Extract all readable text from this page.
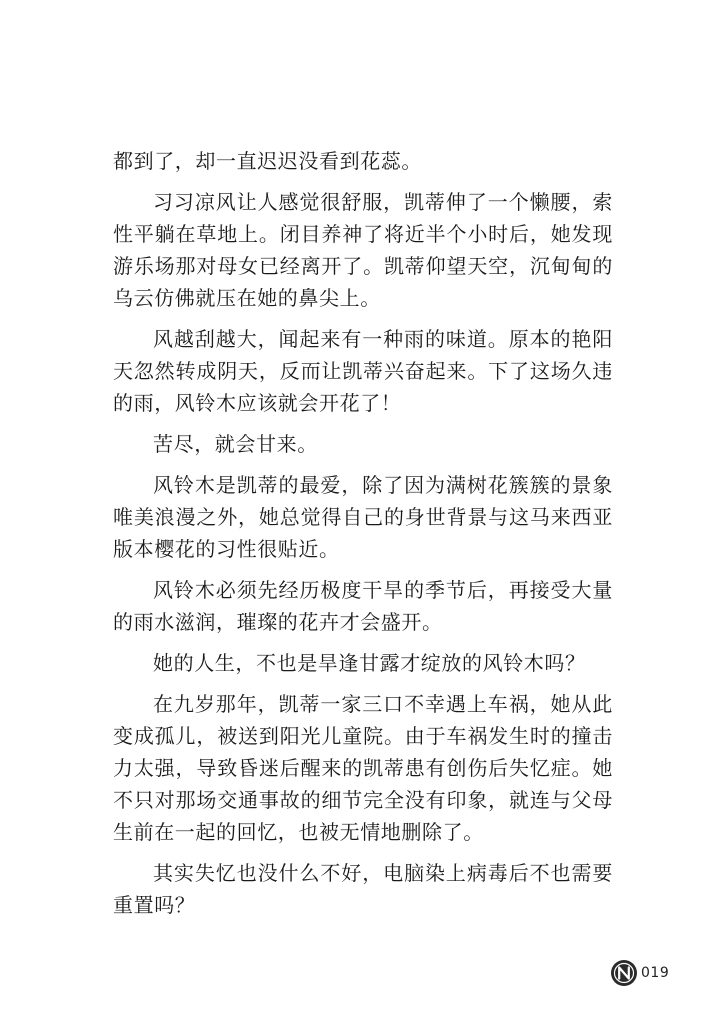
都到了，却一直迟迟没看到花蕊。

习习凉风让人感觉很舒服，凯蒂伸了一个懒腰，索性平躺在草地上。闭目养神了将近半个小时后，她发现游乐场那对母女已经离开了。凯蒂仰望天空，沉甸甸的乌云仿佛就压在她的鼻尖上。

风越刮越大，闻起来有一种雨的味道。原本的艳阳天忽然转成阴天，反而让凯蒂兴奋起来。下了这场久违的雨，风铃木应该就会开花了！

苦尽，就会甘来。

风铃木是凯蒂的最爱，除了因为满树花簇簇的景象唯美浪漫之外，她总觉得自己的身世背景与这马来西亚版本樱花的习性很贴近。

风铃木必须先经历极度干旱的季节后，再接受大量的雨水滋润，璀璨的花卉才会盛开。

她的人生，不也是旱逢甘露才绽放的风铃木吗？

在九岁那年，凯蒂一家三口不幸遇上车祸，她从此变成孤儿，被送到阳光儿童院。由于车祸发生时的撞击力太强，导致昏迷后醒来的凯蒂患有创伤后失忆症。她不只对那场交通事故的细节完全没有印象，就连与父母生前在一起的回忆，也被无情地删除了。

其实失忆也没什么不好，电脑染上病毒后不也需要重置吗？

019
